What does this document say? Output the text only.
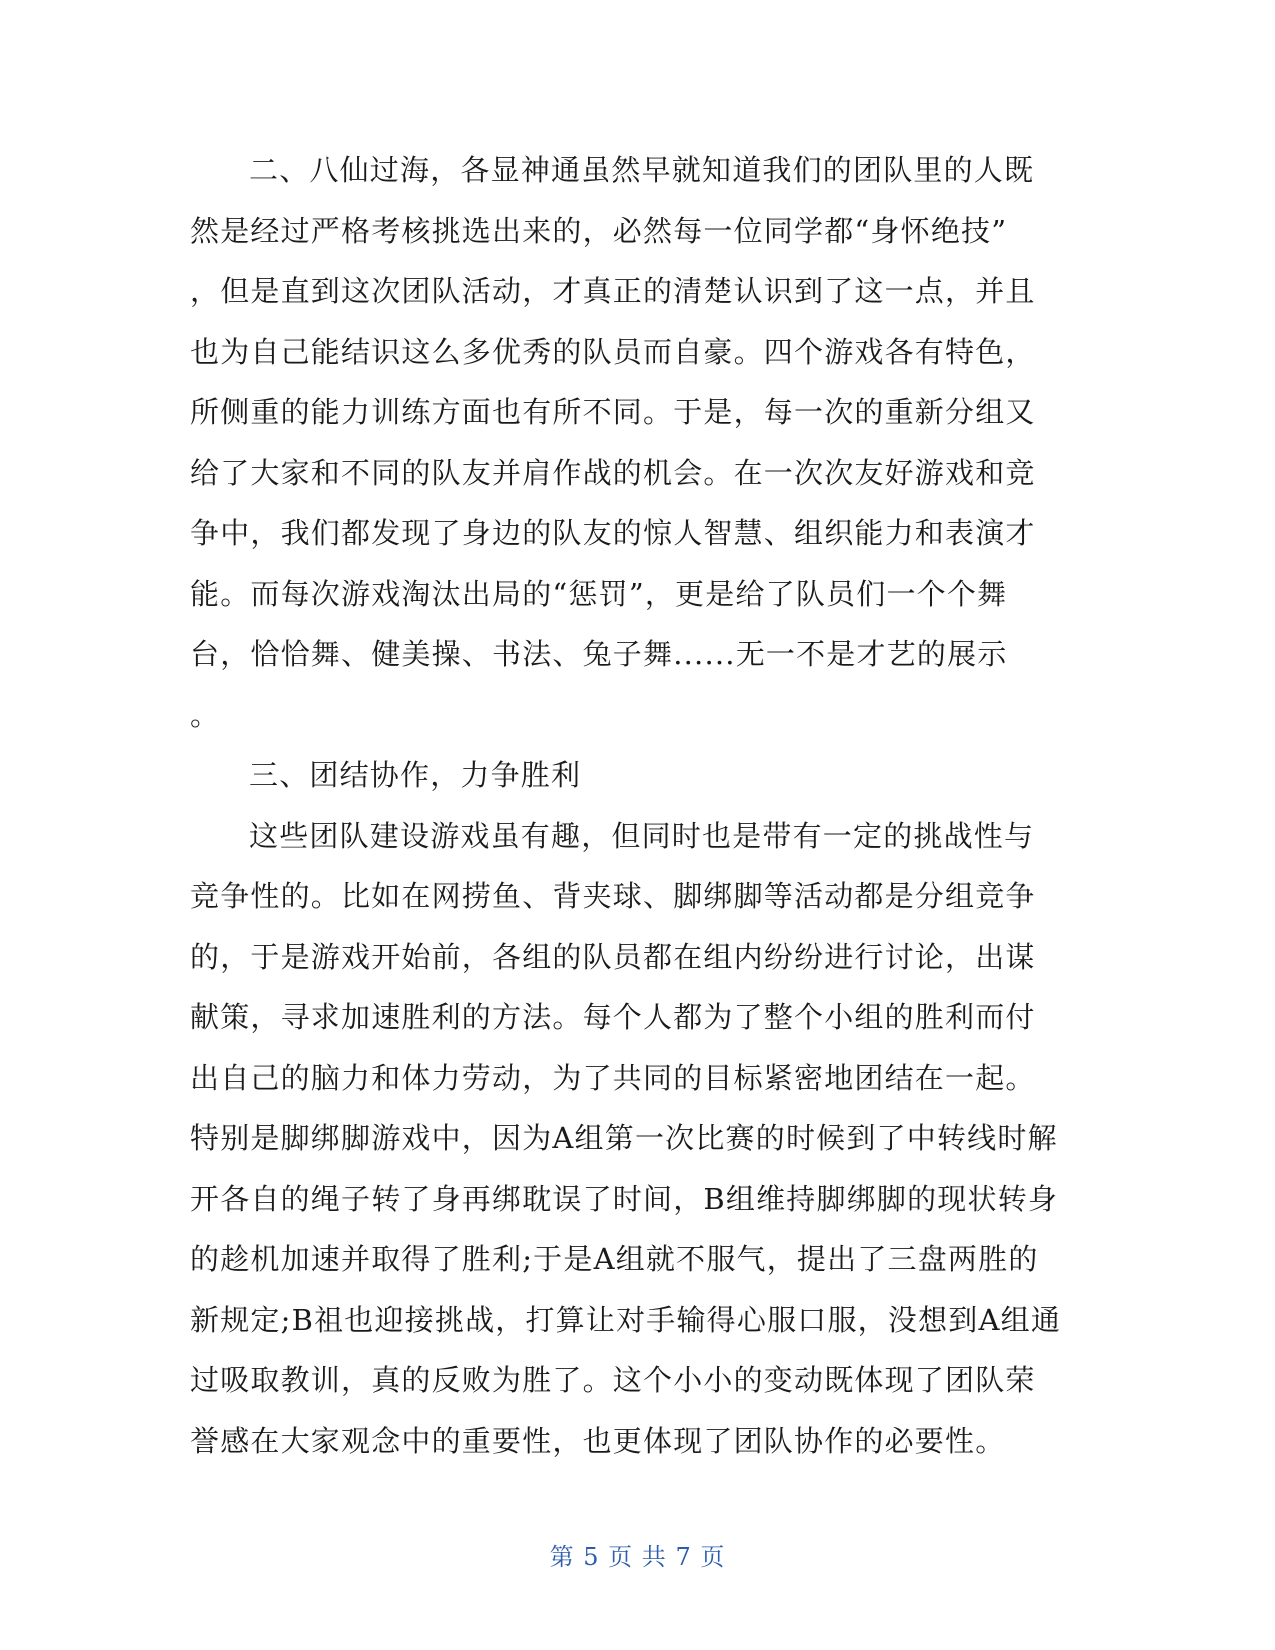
二、八仙过海，各显神通虽然早就知道我们的团队里的人既
然是经过严格考核挑选出来的，必然每一位同学都“身怀绝技”
，但是直到这次团队活动，才真正的清楚认识到了这一点，并且
也为自己能结识这么多优秀的队员而自豪。四个游戏各有特色，
所侧重的能力训练方面也有所不同。于是，每一次的重新分组又
给了大家和不同的队友并肩作战的机会。在一次次友好游戏和竞
争中，我们都发现了身边的队友的惊人智慧、组织能力和表演才
能。而每次游戏淘汰出局的“惩罚”，更是给了队员们一个个舞
台，恰恰舞、健美操、书法、兔子舞......无一不是才艺的展示
。
三、团结协作，力争胜利
这些团队建设游戏虽有趣，但同时也是带有一定的挑战性与
竞争性的。比如在网捞鱼、背夹球、脚绑脚等活动都是分组竞争
的，于是游戏开始前，各组的队员都在组内纷纷进行讨论，出谋
献策，寻求加速胜利的方法。每个人都为了整个小组的胜利而付
出自己的脑力和体力劳动，为了共同的目标紧密地团结在一起。
特别是脚绑脚游戏中，因为A组第一次比赛的时候到了中转线时解
开各自的绳子转了身再绑耽误了时间，B组维持脚绑脚的现状转身
的趁机加速并取得了胜利;于是A组就不服气，提出了三盘两胜的
新规定;B祖也迎接挑战，打算让对手输得心服口服，没想到A组通
过吸取教训，真的反败为胜了。这个小小的变动既体现了团队荣
誉感在大家观念中的重要性，也更体现了团队协作的必要性。
第 5 页 共 7 页
